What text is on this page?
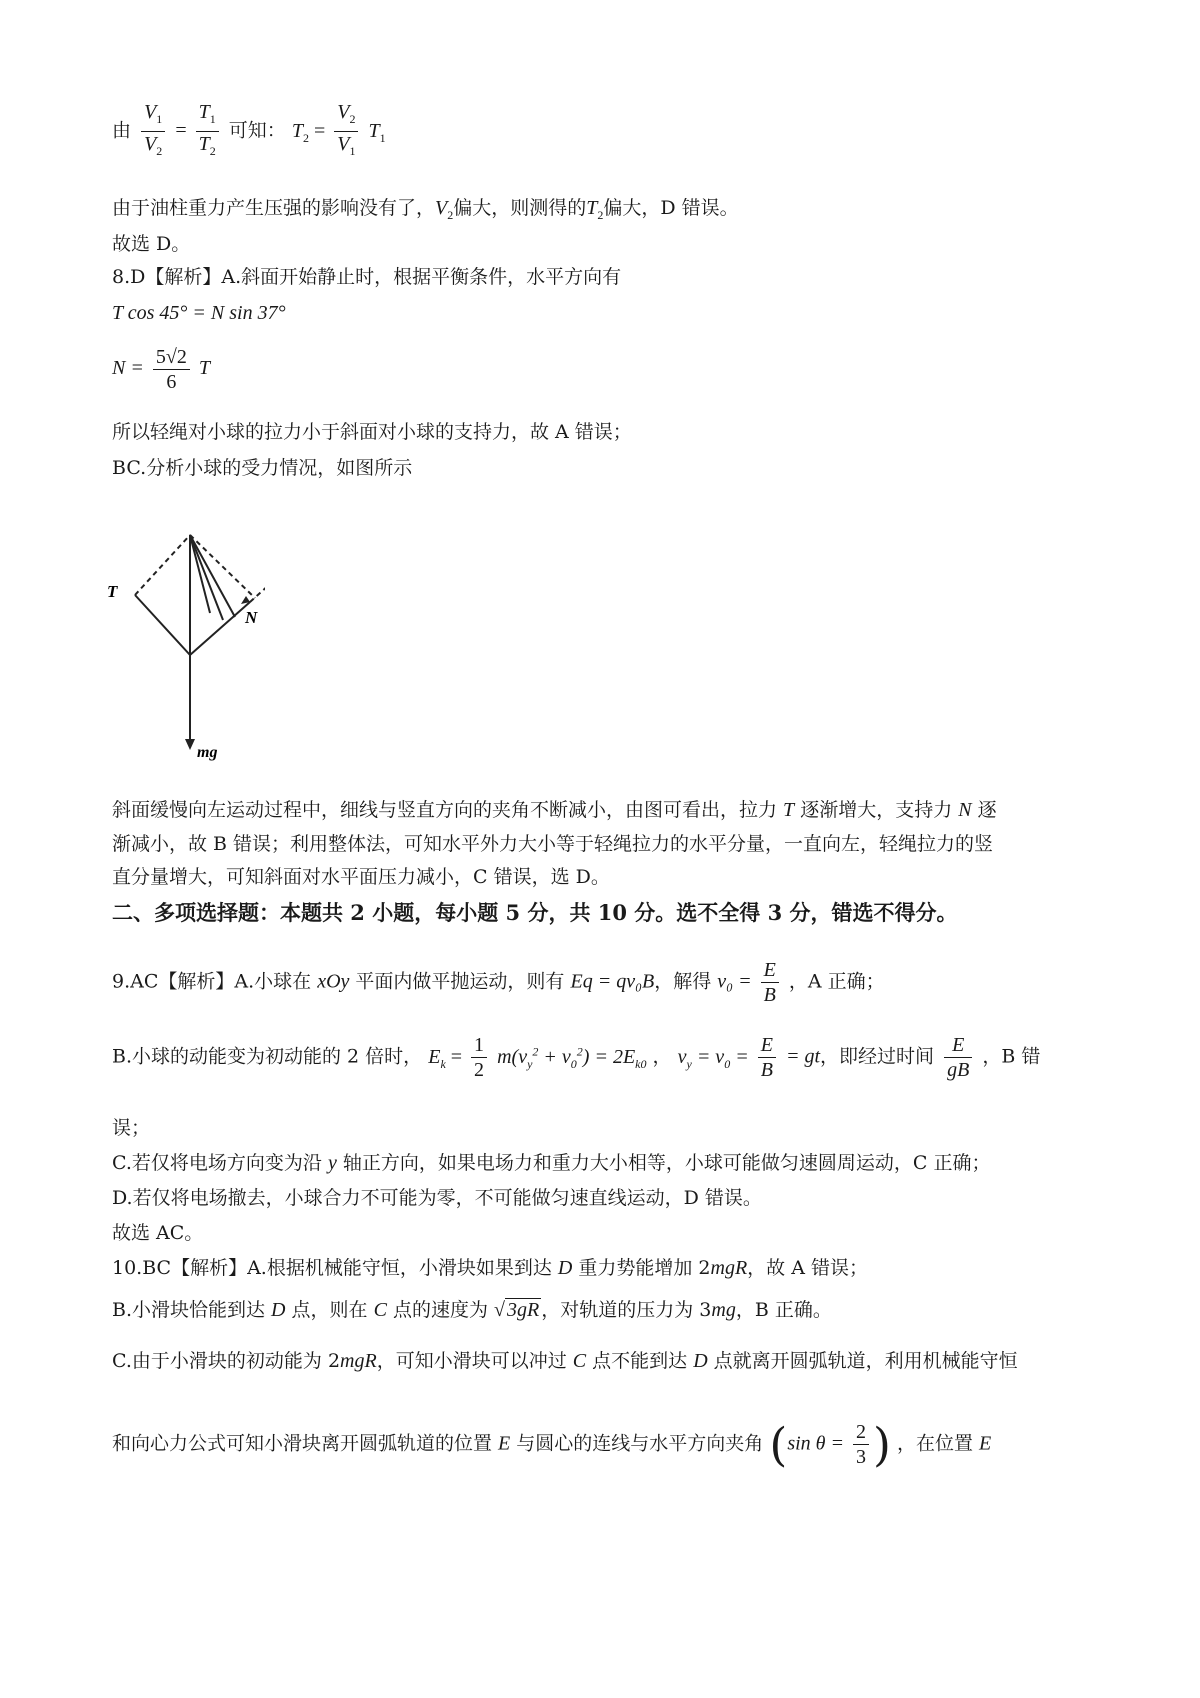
由 $\frac{V_1}{V_2} = \frac{T_1}{T_2}$ 可知： $T_2 = \frac{V_2}{V_1} T_1$
由于油柱重力产生压强的影响没有了，$V_2$偏大，则测得的$T_2$偏大，D 错误。
故选 D。
8.D【解析】A.斜面开始静止时，根据平衡条件，水平方向有
T cos 45° = N sin 37°
$N = \frac{5√2}{6}$ T
所以轻绳对小球的拉力小于斜面对小球的支持力，故 A 错误；
BC.分析小球的受力情况，如图所示
T
N
mg
斜面缓慢向左运动过程中，细线与竖直方向的夹角不断减小，由图可看出，拉力 T 逐渐增大，支持力 N 逐
渐减小，故 B 错误；利用整体法，可知水平外力大小等于轻绳拉力的水平分量，一直向左，轻绳拉力的竖
直分量增大，可知斜面对水平面压力减小，C 错误，选 D。
二、多项选择题：本题共 2 小题，每小题 5 分，共 10 分。选不全得 3 分，错选不得分。
9.AC【解析】A.小球在 xOy 平面内做平抛运动，则有 Eq = qv₀B，解得 $v_0 = \frac{E}{B}$ ，A 正确；
B.小球的动能变为初动能的 2 倍时， $E_k = \frac{1}{2} m(v_y^2 + v_0^2) = 2E_{k0}$ ， $v_y = v_0 = \frac{E}{B}$ = gt，即经过时间 $\frac{E}{gB}$ ，B 错
误；
C.若仅将电场方向变为沿 y 轴正方向，如果电场力和重力大小相等，小球可能做匀速圆周运动，C 正确；
D.若仅将电场撤去，小球合力不可能为零，不可能做匀速直线运动，D 错误。
故选 AC。
10.BC【解析】A.根据机械能守恒，小滑块如果到达 D 重力势能增加 2mgR，故 A 错误；
B.小滑块恰能到达 D 点，则在 C 点的速度为 √ 3gR ，对轨道的压力为 3mg，B 正确。
C.由于小滑块的初动能为 2mgR，可知小滑块可以冲过 C 点不能到达 D 点就离开圆弧轨道，利用机械能守恒
和向心力公式可知小滑块离开圆弧轨道的位置 E 与圆心的连线与水平方向夹角 (sin $\theta = \frac{2}{3}$ ) ，在位置 E
